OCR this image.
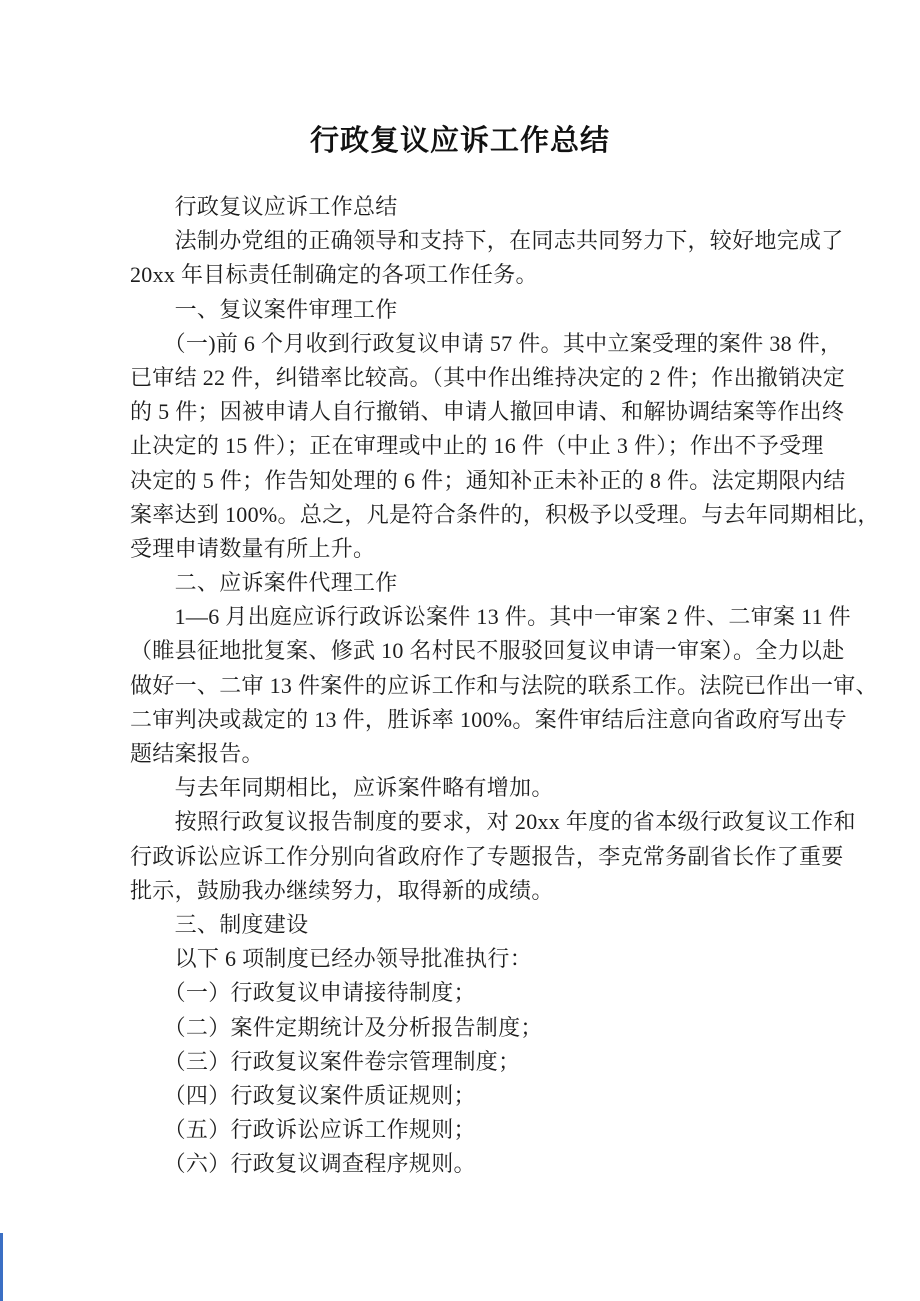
行政复议应诉工作总结
　　行政复议应诉工作总结
　　法制办党组的正确领导和支持下，在同志共同努力下，较好地完成了
20xx 年目标责任制确定的各项工作任务。
　　一、复议案件审理工作
　　（一)前 6 个月收到行政复议申请 57 件。其中立案受理的案件 38 件，
已审结 22 件，纠错率比较高。（其中作出维持决定的 2 件；作出撤销决定
的 5 件；因被申请人自行撤销、申请人撤回申请、和解协调结案等作出终
止决定的 15 件）；正在审理或中止的 16 件（中止 3 件）；作出不予受理
决定的 5 件；作告知处理的 6 件；通知补正未补正的 8 件。法定期限内结
案率达到 100%。总之，凡是符合条件的，积极予以受理。与去年同期相比，
受理申请数量有所上升。
　　二、应诉案件代理工作
　　1—6 月出庭应诉行政诉讼案件 13 件。其中一审案 2 件、二审案 11 件
（睢县征地批复案、修武 10 名村民不服驳回复议申请一审案）。全力以赴
做好一、二审 13 件案件的应诉工作和与法院的联系工作。法院已作出一审、
二审判决或裁定的 13 件，胜诉率 100%。案件审结后注意向省政府写出专
题结案报告。
　　与去年同期相比，应诉案件略有增加。
　　按照行政复议报告制度的要求，对 20xx 年度的省本级行政复议工作和
行政诉讼应诉工作分别向省政府作了专题报告，李克常务副省长作了重要
批示，鼓励我办继续努力，取得新的成绩。
　　三、制度建设
　　以下 6 项制度已经办领导批准执行：
　　（一）行政复议申请接待制度；
　　（二）案件定期统计及分析报告制度；
　　（三）行政复议案件卷宗管理制度；
　　（四）行政复议案件质证规则；
　　（五）行政诉讼应诉工作规则；
　　（六）行政复议调查程序规则。
